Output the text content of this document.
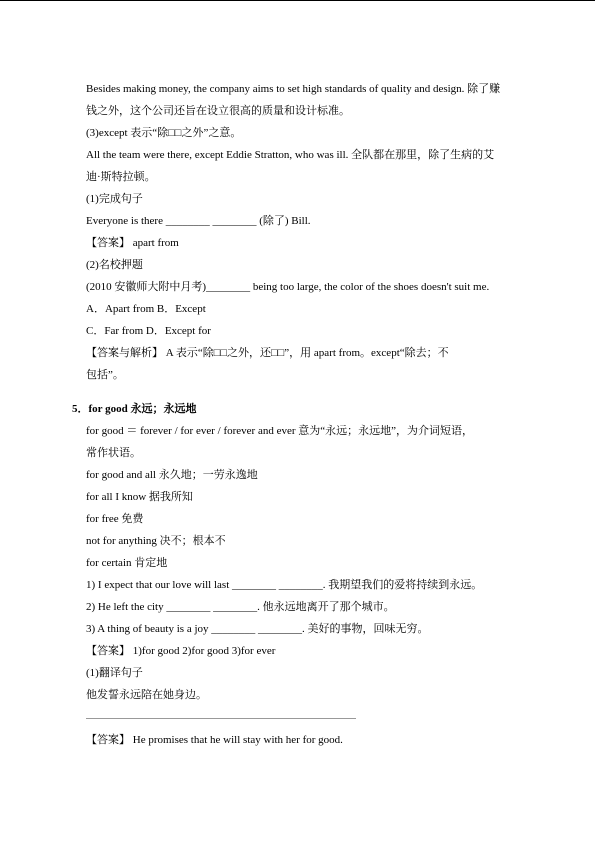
Besides making money, the company aims to set high standards of quality and design. 除了赚

钱之外，这个公司还旨在设立很高的质量和设计标准。

(3)except 表示“除□□之外”之意。

All the team were there, except Eddie Stratton, who was ill. 全队都在那里，除了生病的艾

迪·斯特拉顿。

(1)完成句子

Everyone is there ________ ________ (除了) Bill.

【答案】 apart from

(2)名校押题

(2010 安徽师大附中月考)________ being too large, the color of the shoes doesn't suit me.

A．Apart from B．Except

C．Far from D．Except for

【答案与解析】 A 表示“除□□之外，还□□”，用 apart from。except“除去；不

包括”。

5．for good 永远；永远地

for good ＝ forever / for ever / forever and ever 意为“永远；永远地”，为介词短语，

常作状语。

for good and all 永久地；一劳永逸地

for all I know 据我所知

for free 免费

not for anything 决不；根本不

for certain 肯定地

1) I expect that our love will last ________ ________. 我期望我们的爱将持续到永远。

2) He left the city ________ ________. 他永远地离开了那个城市。

3) A thing of beauty is a joy ________ ________. 美好的事物，回味无穷。

【答案】 1)for good 2)for good 3)for ever

(1)翻译句子

他发誓永远陪在她身边。

【答案】 He promises that he will stay with her for good.
